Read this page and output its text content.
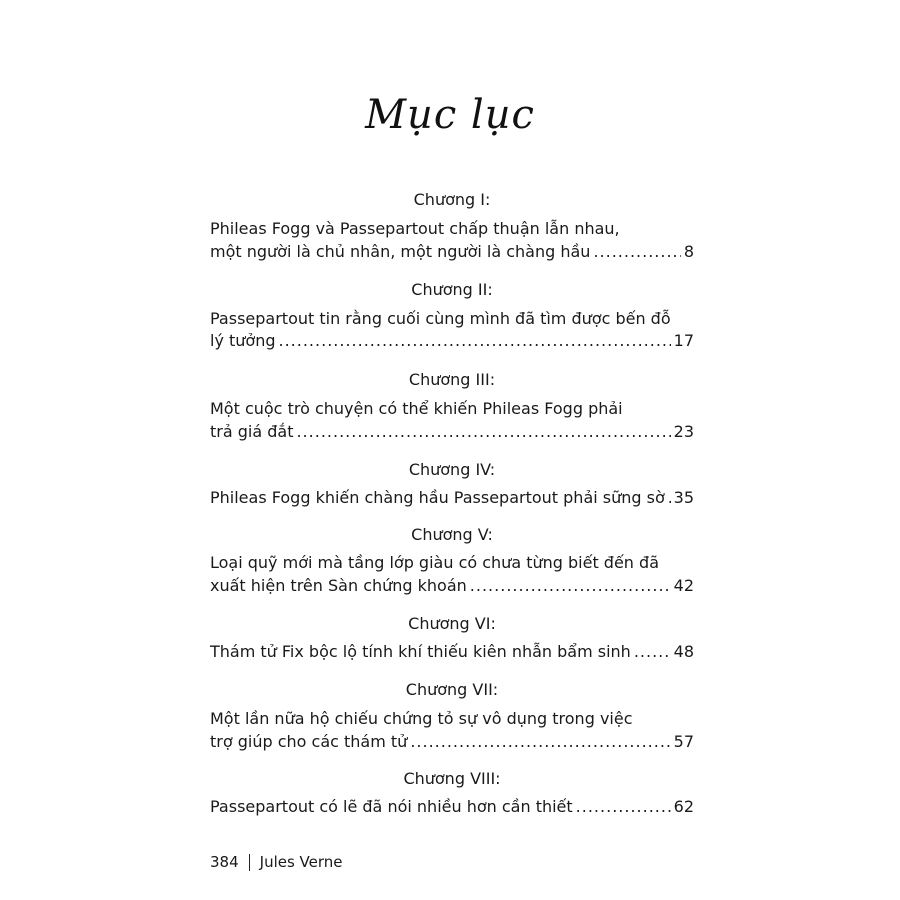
Mục lục
Chương I:
Phileas Fogg và Passepartout chấp thuận lẫn nhau,
một người là chủ nhân, một người là chàng hầu .....	8
Chương II:
Passepartout tin rằng cuối cùng mình đã tìm được bến đỗ
lý tưởng .....	17
Chương III:
Một cuộc trò chuyện có thể khiến Phileas Fogg phải
trả giá đắt .....	23
Chương IV:
Phileas Fogg khiến chàng hầu Passepartout phải sững sờ ..... 35
Chương V:
Loại quỹ mới mà tầng lớp giàu có chưa từng biết đến đã
xuất hiện trên Sàn chứng khoán .....	42
Chương VI:
Thám tử Fix bộc lộ tính khí thiếu kiên nhẫn bẩm sinh .....	48
Chương VII:
Một lần nữa hộ chiếu chứng tỏ sự vô dụng trong việc
trợ giúp cho các thám tử .....	57
Chương VIII:
Passepartout có lẽ đã nói nhiều hơn cần thiết .....	62
384 Jules Verne
